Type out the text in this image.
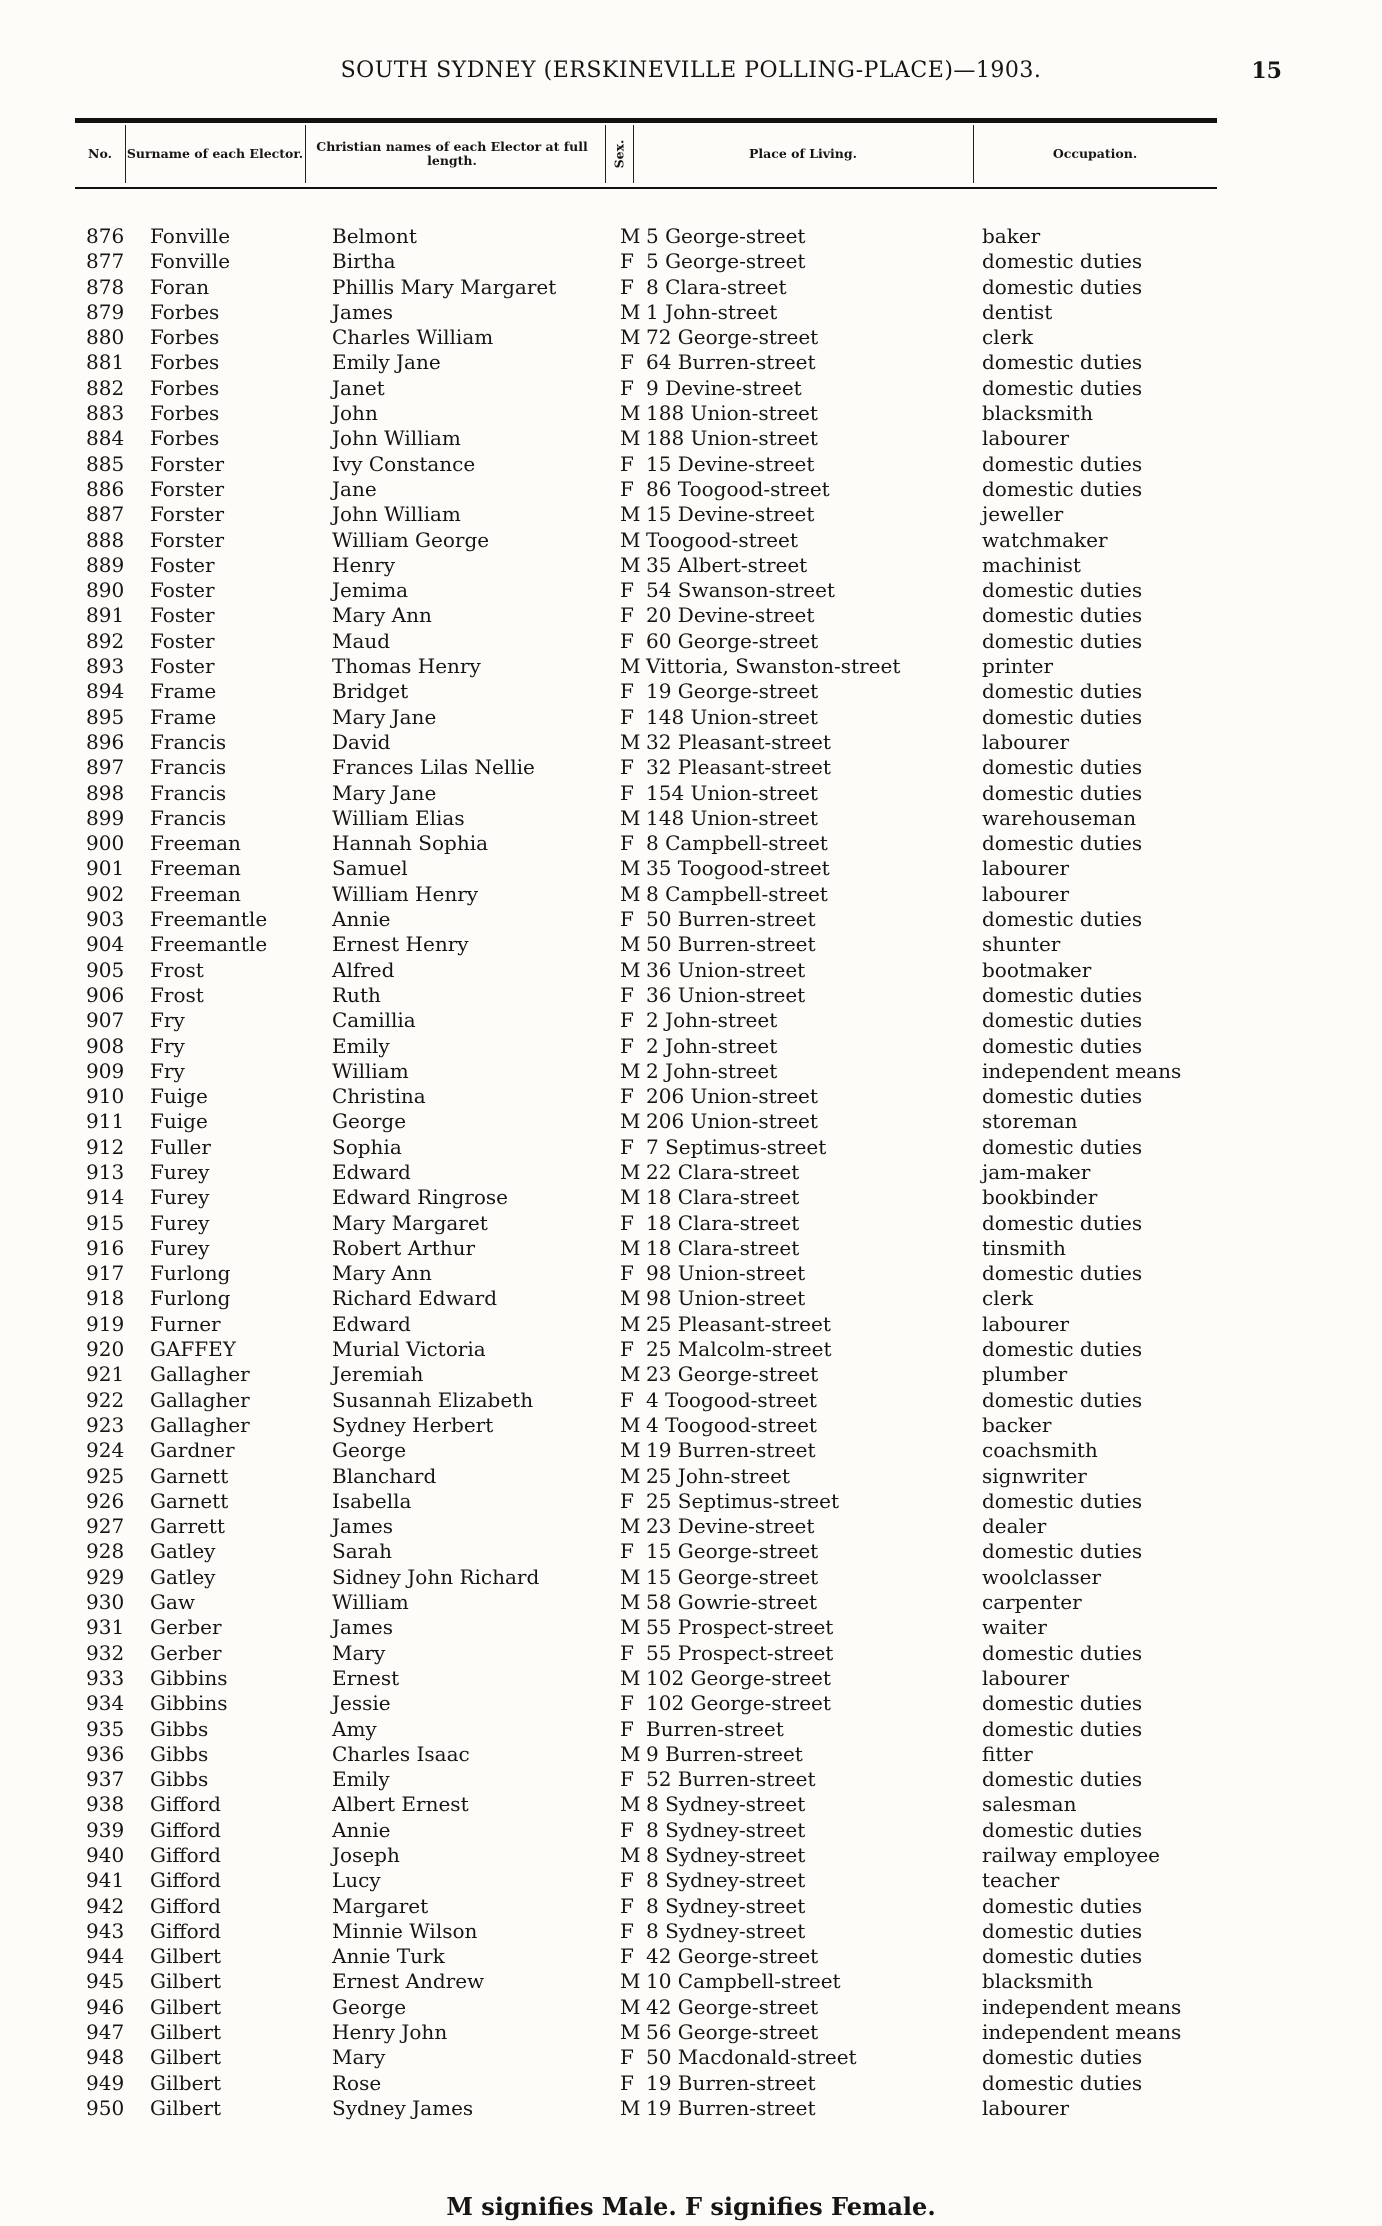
SOUTH SYDNEY (ERSKINEVILLE POLLING-PLACE)—1903.	15
No.	Surname of each Elector.	Christian names of each Elector at full length.	Sex.	Place of Living.	Occupation.
876	Fonville	Belmont	M 5 George-street	baker
877	Fonville	Birtha	F 5 George-street	domestic duties
878	Foran	Phillis Mary Margaret	F 8 Clara-street	domestic duties
879	Forbes	James	M 1 John-street	dentist
880	Forbes	Charles William	M 72 George-street	clerk
881	Forbes	Emily Jane	F 64 Burren-street	domestic duties
882	Forbes	Janet	F 9 Devine-street	domestic duties
883	Forbes	John	M 188 Union-street	blacksmith
884	Forbes	John William	M 188 Union-street	labourer
885	Forster	Ivy Constance	F 15 Devine-street	domestic duties
886	Forster	Jane	F 86 Toogood-street	domestic duties
887	Forster	John William	M 15 Devine-street	jeweller
888	Forster	William George	M Toogood-street	watchmaker
889	Foster	Henry	M 35 Albert-street	machinist
890	Foster	Jemima	F 54 Swanson-street	domestic duties
891	Foster	Mary Ann	F 20 Devine-street	domestic duties
892	Foster	Maud	F 60 George-street	domestic duties
893	Foster	Thomas Henry	M Vittoria, Swanston-street	printer
894	Frame	Bridget	F 19 George-street	domestic duties
895	Frame	Mary Jane	F 148 Union-street	domestic duties
896	Francis	David	M 32 Pleasant-street	labourer
897	Francis	Frances Lilas Nellie	F 32 Pleasant-street	domestic duties
898	Francis	Mary Jane	F 154 Union-street	domestic duties
899	Francis	William Elias	M 148 Union-street	warehouseman
900	Freeman	Hannah Sophia	F 8 Campbell-street	domestic duties
901	Freeman	Samuel	M 35 Toogood-street	labourer
902	Freeman	William Henry	M 8 Campbell-street	labourer
903	Freemantle	Annie	F 50 Burren-street	domestic duties
904	Freemantle	Ernest Henry	M 50 Burren-street	shunter
905	Frost	Alfred	M 36 Union-street	bootmaker
906	Frost	Ruth	F 36 Union-street	domestic duties
907	Fry	Camillia	F 2 John-street	domestic duties
908	Fry	Emily	F 2 John-street	domestic duties
909	Fry	William	M 2 John-street	independent means
910	Fuige	Christina	F 206 Union-street	domestic duties
911	Fuige	George	M 206 Union-street	storeman
912	Fuller	Sophia	F 7 Septimus-street	domestic duties
913	Furey	Edward	M 22 Clara-street	jam-maker
914	Furey	Edward Ringrose	M 18 Clara-street	bookbinder
915	Furey	Mary Margaret	F 18 Clara-street	domestic duties
916	Furey	Robert Arthur	M 18 Clara-street	tinsmith
917	Furlong	Mary Ann	F 98 Union-street	domestic duties
918	Furlong	Richard Edward	M 98 Union-street	clerk
919	Furner	Edward	M 25 Pleasant-street	labourer
920	GAFFEY	Murial Victoria	F 25 Malcolm-street	domestic duties
921	Gallagher	Jeremiah	M 23 George-street	plumber
922	Gallagher	Susannah Elizabeth	F 4 Toogood-street	domestic duties
923	Gallagher	Sydney Herbert	M 4 Toogood-street	backer
924	Gardner	George	M 19 Burren-street	coachsmith
925	Garnett	Blanchard	M 25 John-street	signwriter
926	Garnett	Isabella	F 25 Septimus-street	domestic duties
927	Garrett	James	M 23 Devine-street	dealer
928	Gatley	Sarah	F 15 George-street	domestic duties
929	Gatley	Sidney John Richard	M 15 George-street	woolclasser
930	Gaw	William	M 58 Gowrie-street	carpenter
931	Gerber	James	M 55 Prospect-street	waiter
932	Gerber	Mary	F 55 Prospect-street	domestic duties
933	Gibbins	Ernest	M 102 George-street	labourer
934	Gibbins	Jessie	F 102 George-street	domestic duties
935	Gibbs	Amy	F Burren-street	domestic duties
936	Gibbs	Charles Isaac	M 9 Burren-street	fitter
937	Gibbs	Emily	F 52 Burren-street	domestic duties
938	Gifford	Albert Ernest	M 8 Sydney-street	salesman
939	Gifford	Annie	F 8 Sydney-street	domestic duties
940	Gifford	Joseph	M 8 Sydney-street	railway employee
941	Gifford	Lucy	F 8 Sydney-street	teacher
942	Gifford	Margaret	F 8 Sydney-street	domestic duties
943	Gifford	Minnie Wilson	F 8 Sydney-street	domestic duties
944	Gilbert	Annie Turk	F 42 George-street	domestic duties
945	Gilbert	Ernest Andrew	M 10 Campbell-street	blacksmith
946	Gilbert	George	M 42 George-street	independent means
947	Gilbert	Henry John	M 56 George-street	independent means
948	Gilbert	Mary	F 50 Macdonald-street	domestic duties
949	Gilbert	Rose	F 19 Burren-street	domestic duties
950	Gilbert	Sydney James	M 19 Burren-street	labourer
M signifies Male. F signifies Female.
